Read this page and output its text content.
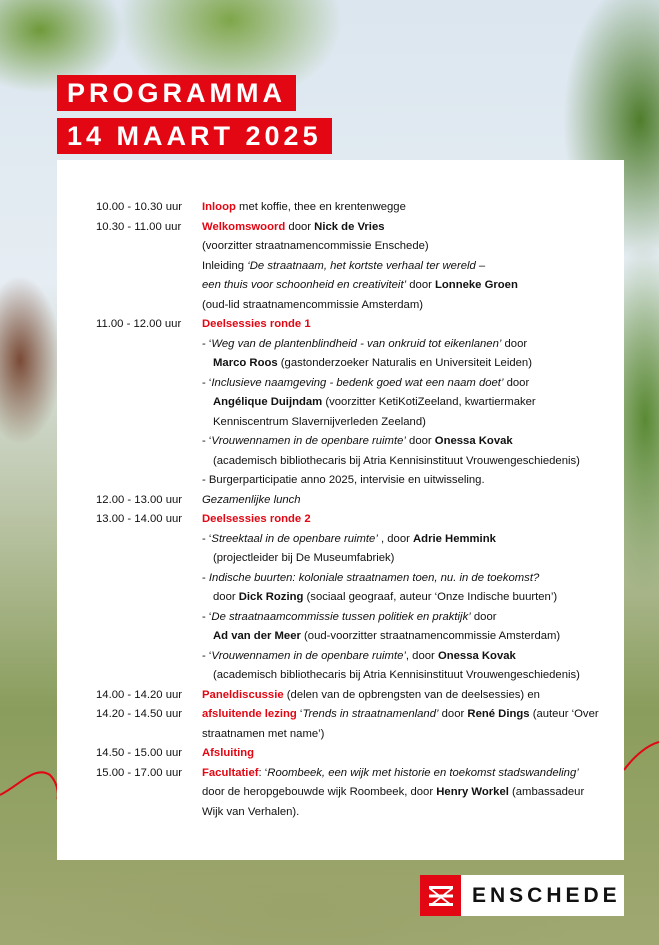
PROGRAMMA
14 MAART 2025
10.00 - 10.30 uur Inloop met koffie, thee en krentenwegge
10.30 - 11.00 uur Welkomswoord door Nick de Vries
(voorzitter straatnamencommissie Enschede)
Inleiding ‘De straatnaam, het kortste verhaal ter wereld –
een thuis voor schoonheid en creativiteit’ door Lonneke Groen
(oud-lid straatnamencommissie Amsterdam)
11.00 - 12.00 uur Deelsessies ronde 1
- ‘Weg van de plantenblindheid - van onkruid tot eikenlanen’ door
Marco Roos (gastonderzoeker Naturalis en Universiteit Leiden)
- ‘Inclusieve naamgeving - bedenk goed wat een naam doet’ door
Angélique Duijndam (voorzitter KetiKotiZeeland, kwartiermaker
Kenniscentrum Slavernijverleden Zeeland)
- ‘Vrouwennamen in de openbare ruimte’ door Onessa Kovak
(academisch bibliothecaris bij Atria Kennisinstituut Vrouwengeschiedenis)
- Burgerparticipatie anno 2025, intervisie en uitwisseling.
12.00 - 13.00 uur Gezamenlijke lunch
13.00 - 14.00 uur Deelsessies ronde 2
- ‘Streektaal in de openbare ruimte’ , door Adrie Hemmink
(projectleider bij De Museumfabriek)
- Indische buurten: koloniale straatnamen toen, nu. in de toekomst?
door Dick Rozing (sociaal geograaf, auteur ‘Onze Indische buurten’)
- ‘De straatnaamcommissie tussen politiek en praktijk’ door
Ad van der Meer (oud-voorzitter straatnamencommissie Amsterdam)
- ‘Vrouwennamen in de openbare ruimte’, door Onessa Kovak
(academisch bibliothecaris bij Atria Kennisinstituut Vrouwengeschiedenis)
14.00 - 14.20 uur Paneldiscussie (delen van de opbrengsten van de deelsessies) en
14.20 - 14.50 uur afsluitende lezing ‘Trends in straatnamenland’ door René Dings (auteur ‘Over
straatnamen met name’)
14.50 - 15.00 uur Afsluiting
15.00 - 17.00 uur Facultatief: ‘Roombeek, een wijk met historie en toekomst stadswandeling’
door de heropgebouwde wijk Roombeek, door Henry Workel (ambassadeur
Wijk van Verhalen).
ENSCHEDE
